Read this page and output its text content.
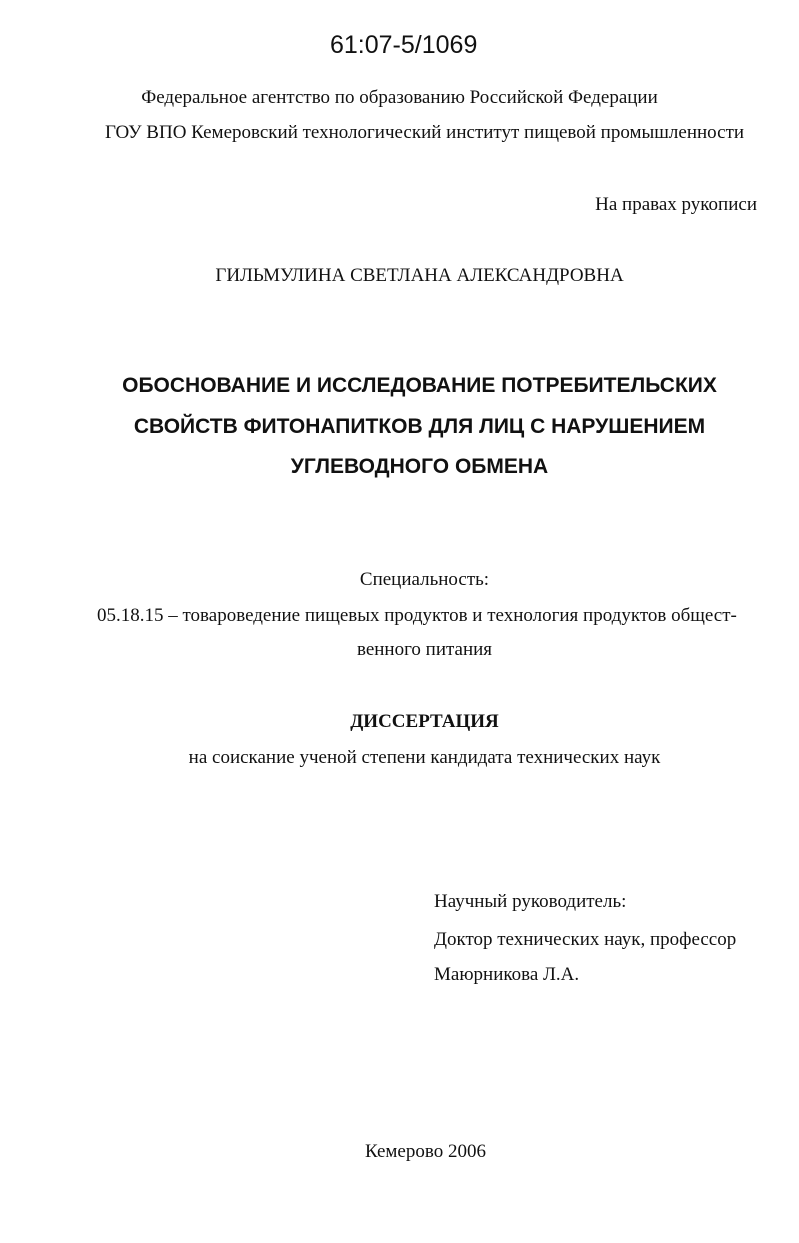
61:07-5/1069
Федеральное агентство по образованию Российской Федерации
ГОУ ВПО Кемеровский технологический институт пищевой промышленности
На правах рукописи
ГИЛЬМУЛИНА СВЕТЛАНА АЛЕКСАНДРОВНА
ОБОСНОВАНИЕ И ИССЛЕДОВАНИЕ ПОТРЕБИТЕЛЬСКИХ
СВОЙСТВ ФИТОНАПИТКОВ ДЛЯ ЛИЦ С НАРУШЕНИЕМ
УГЛЕВОДНОГО ОБМЕНА
Специальность:
05.18.15 – товароведение пищевых продуктов и технология продуктов общест-
венного питания
ДИССЕРТАЦИЯ
на соискание ученой степени кандидата технических наук
Научный руководитель:
Доктор технических наук, профессор
Маюрникова Л.А.
Кемерово 2006
